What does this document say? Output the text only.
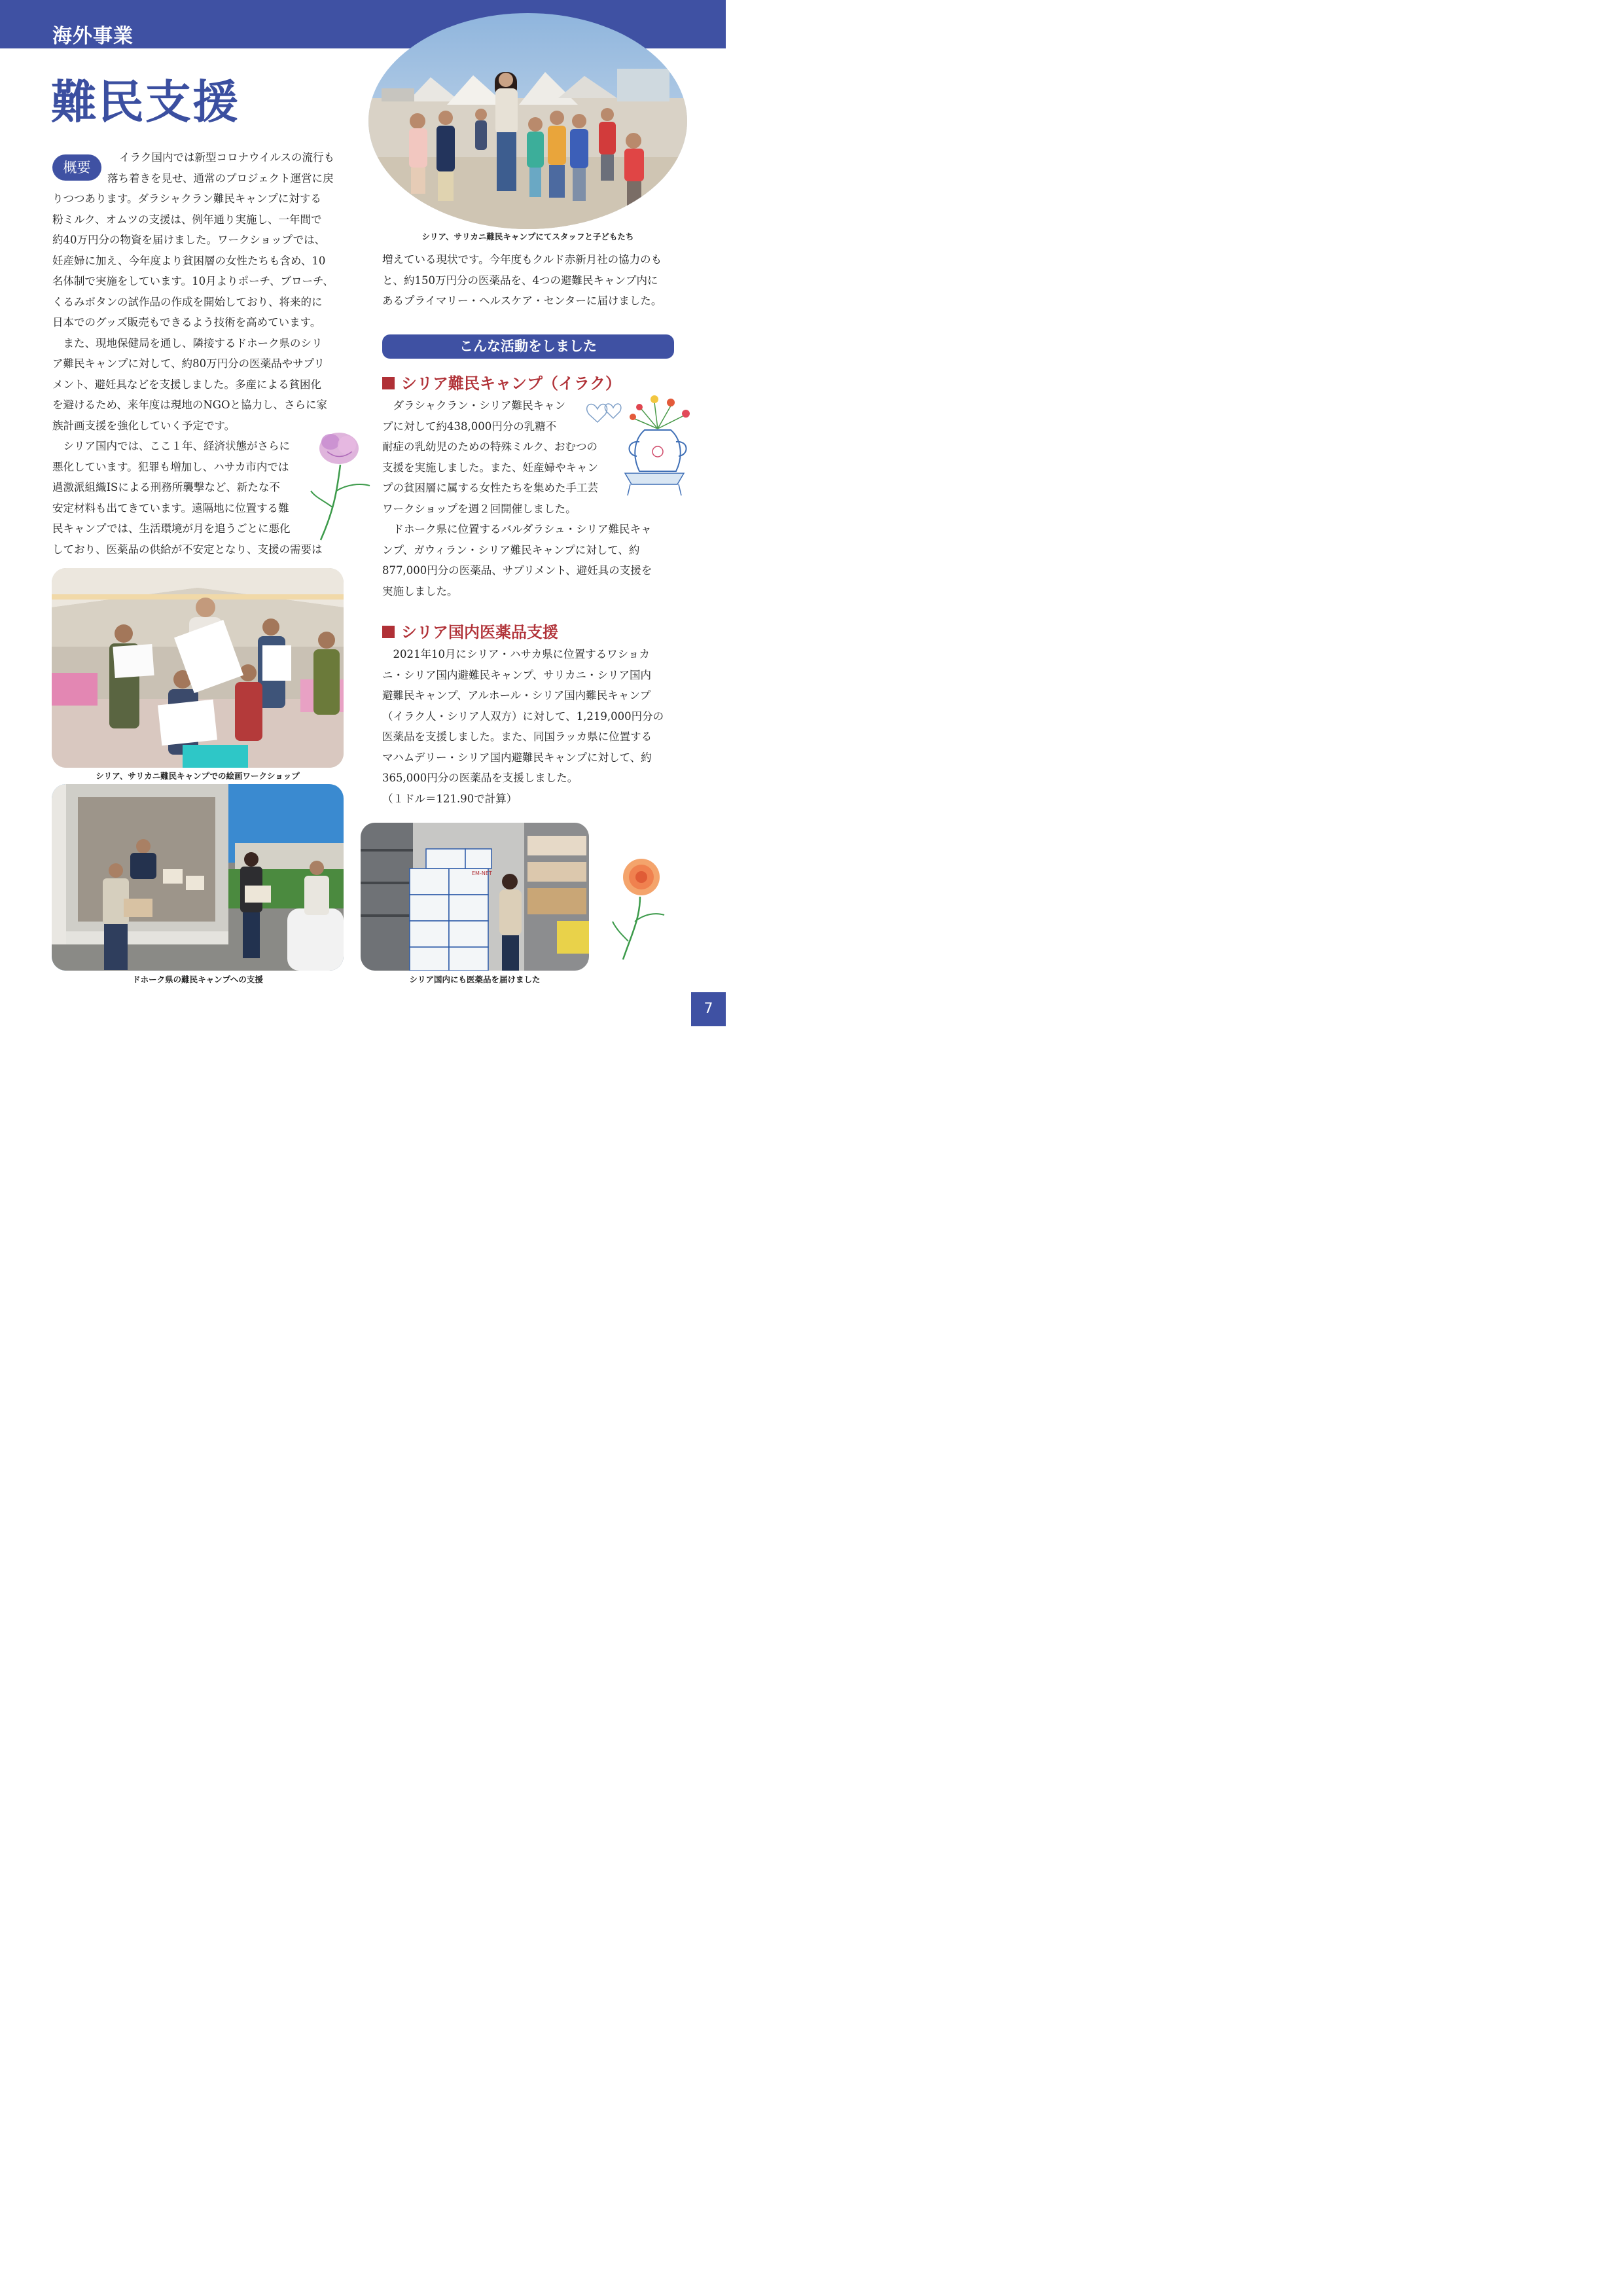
海外事業
シリア、サリカニ難民キャンプにてスタッフと子どもたち
難民支援
概要

イラク国内では新型コロナウイルスの流行も

落ち着きを見せ、通常のプロジェクト運営に戻

りつつあります。ダラシャクラン難民キャンプに対する

粉ミルク、オムツの支援は、例年通り実施し、一年間で

約40万円分の物資を届けました。ワークショップでは、

妊産婦に加え、今年度より貧困層の女性たちも含め、10

名体制で実施をしています。10月よりポーチ、ブローチ、

くるみボタンの試作品の作成を開始しており、将来的に

日本でのグッズ販売もできるよう技術を高めています。

　また、現地保健局を通し、隣接するドホーク県のシリ

ア難民キャンプに対して、約80万円分の医薬品やサプリ

メント、避妊具などを支援しました。多産による貧困化

を避けるため、来年度は現地のNGOと協力し、さらに家

族計画支援を強化していく予定です。

　シリア国内では、ここ１年、経済状態がさらに

悪化しています。犯罪も増加し、ハサカ市内では

過激派組織ISによる刑務所襲撃など、新たな不

安定材料も出てきています。遠隔地に位置する難

民キャンプでは、生活環境が月を追うごとに悪化

しており、医薬品の供給が不安定となり、支援の需要は

増えている現状です。今年度もクルド赤新月社の協力のも

と、約150万円分の医薬品を、4つの避難民キャンプ内に

あるプライマリー・ヘルスケア・センターに届けました。

こんな活動をしました
シリア難民キャンプ（イラク）

　ダラシャクラン・シリア難民キャン

プに対して約438,000円分の乳糖不

耐症の乳幼児のための特殊ミルク、おむつの

支援を実施しました。また、妊産婦やキャン

プの貧困層に属する女性たちを集めた手工芸

ワークショップを週２回開催しました。

　ドホーク県に位置するバルダラシュ・シリア難民キャ

ンプ、ガウィラン・シリア難民キャンプに対して、約

877,000円分の医薬品、サプリメント、避妊具の支援を

実施しました。

シリア国内医薬品支援

　2021年10月にシリア・ハサカ県に位置するワショカ

ニ・シリア国内避難民キャンプ、サリカニ・シリア国内

避難民キャンプ、アルホール・シリア国内難民キャンプ

（イラク人・シリア人双方）に対して、1,219,000円分の

医薬品を支援しました。また、同国ラッカ県に位置する

マハムデリー・シリア国内避難民キャンプに対して、約

365,000円分の医薬品を支援しました。

（１ドル＝121.90で計算）

シリア、サリカニ難民キャンプでの絵画ワークショップ
ドホーク県の難民キャンプへの支援
EM-NET
シリア国内にも医薬品を届けました
7
